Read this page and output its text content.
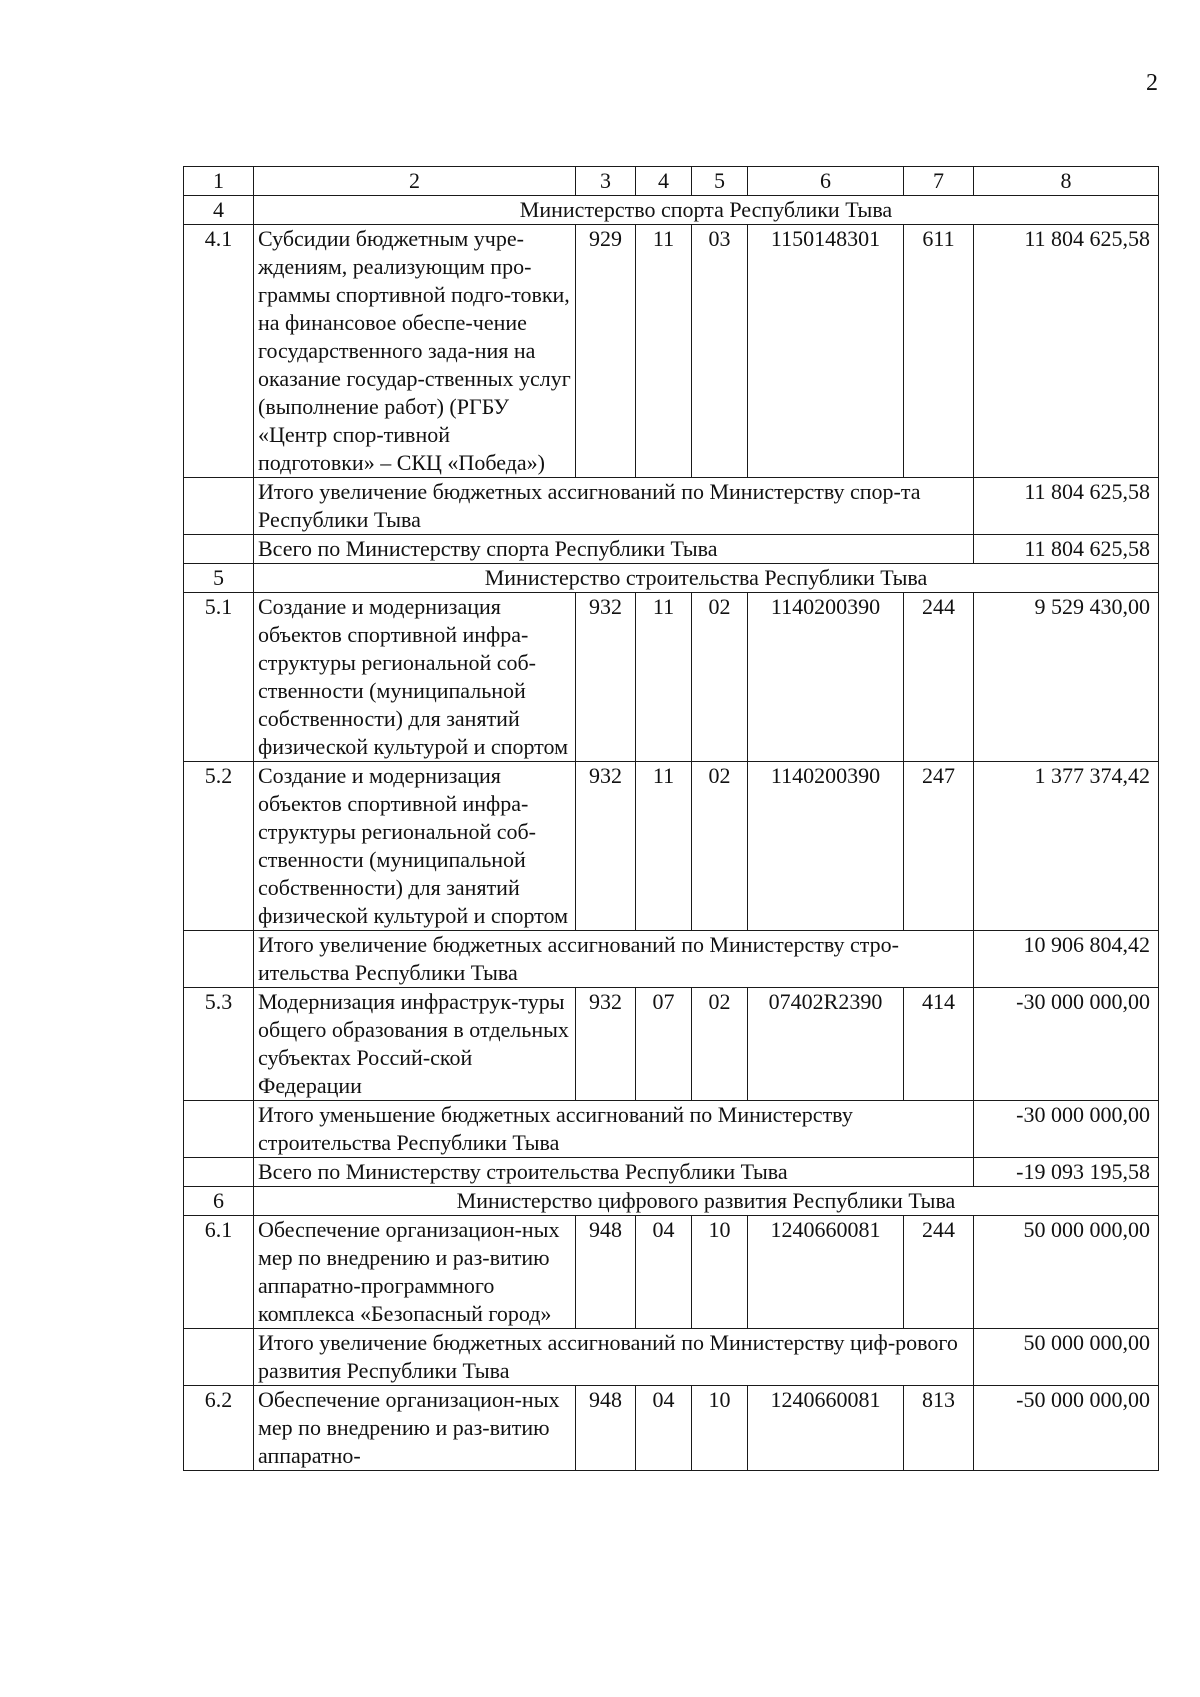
2
1	2	3	4	5	6	7	8
4	Министерство спорта Республики Тыва						
4.1	Субсидии бюджетным учре-ждениям, реализующим про-граммы спортивной подго-товки, на финансовое обеспе-чение государственного зада-ния на оказание государ-ственных услуг (выполнение работ) (РГБУ «Центр спор-тивной подготовки» – СКЦ «Победа»)	929	11	03	1150148301	611	11 804 625,58
	Итого увеличение бюджетных ассигнований по Министерству спор-та Республики Тыва						11 804 625,58
	Всего по Министерству спорта Республики Тыва						11 804 625,58
5	Министерство строительства Республики Тыва						
5.1	Создание и модернизация объектов спортивной инфра-структуры региональной соб-ственности (муниципальной собственности) для занятий физической культурой и спортом	932	11	02	1140200390	244	9 529 430,00
5.2	Создание и модернизация объектов спортивной инфра-структуры региональной соб-ственности (муниципальной собственности) для занятий физической культурой и спортом	932	11	02	1140200390	247	1 377 374,42
	Итого увеличение бюджетных ассигнований по Министерству стро-ительства Республики Тыва						10 906 804,42
5.3	Модернизация инфраструк-туры общего образования в отдельных субъектах Россий-ской Федерации	932	07	02	07402R2390	414	-30 000 000,00
	Итого уменьшение бюджетных ассигнований по Министерству строительства Республики Тыва						-30 000 000,00
	Всего по Министерству строительства Республики Тыва						-19 093 195,58
6	Министерство цифрового развития Республики Тыва						
6.1	Обеспечение организацион-ных мер по внедрению и раз-витию аппаратно-программного комплекса «Безопасный город»	948	04	10	1240660081	244	50 000 000,00
	Итого увеличение бюджетных ассигнований по Министерству циф-рового развития Республики Тыва						50 000 000,00
6.2	Обеспечение организацион-ных мер по внедрению и раз-витию аппаратно-	948	04	10	1240660081	813	-50 000 000,00
